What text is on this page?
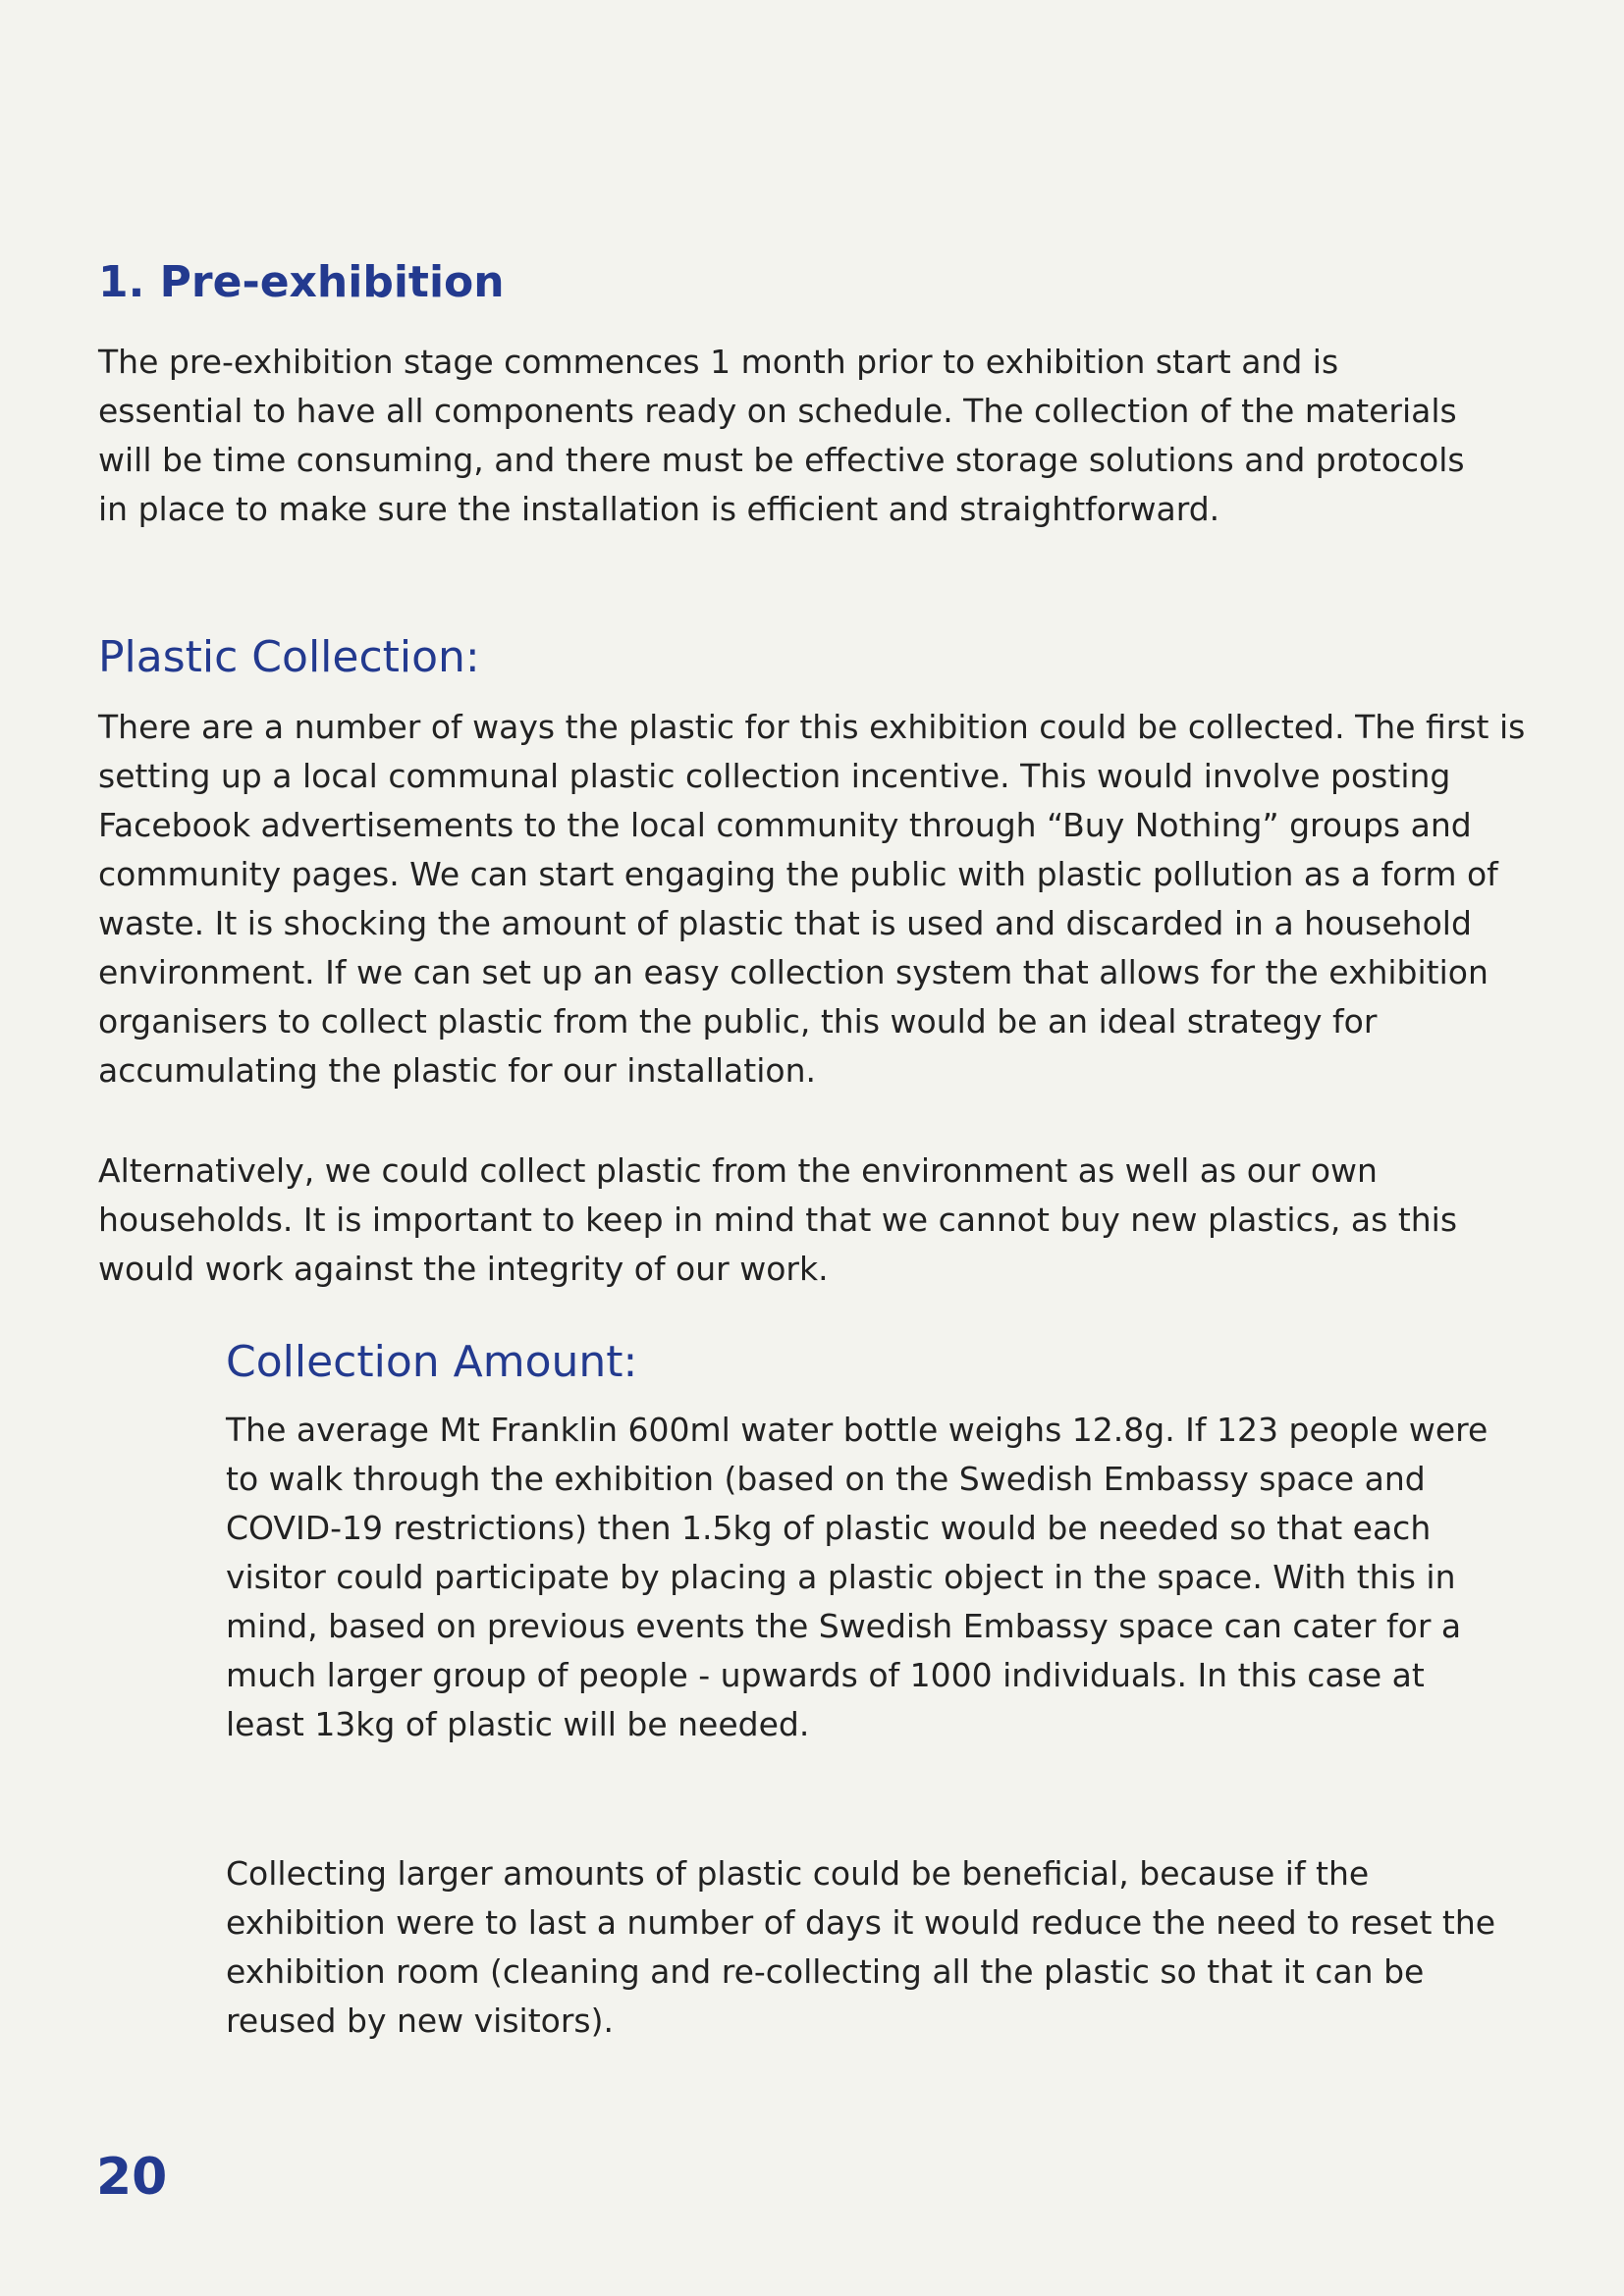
1. Pre-exhibition

The pre-exhibition stage commences 1 month prior to exhibition start and is essential to have all components ready on schedule. The collection of the materials will be time consuming, and there must be effective storage solutions and protocols in place to make sure the installation is efficient and straightforward.

Plastic Collection:

There are a number of ways the plastic for this exhibition could be collected. The first is setting up a local communal plastic collection incentive. This would involve posting Facebook advertisements to the local community through “Buy Nothing” groups and community pages. We can start engaging the public with plastic pollution as a form of waste. It is shocking the amount of plastic that is used and discarded in a household environment. If we can set up an easy collection system that allows for the exhibition organisers to collect plastic from the public, this would be an ideal strategy for accumulating the plastic for our installation.

Alternatively, we could collect plastic from the environment as well as our own households. It is important to keep in mind that we cannot buy new plastics, as this would work against the integrity of our work.

Collection Amount:

The average Mt Franklin 600ml water bottle weighs 12.8g. If 123 people were to walk through the exhibition (based on the Swedish Embassy space and COVID-19 restrictions) then 1.5kg of plastic would be needed so that each visitor could participate by placing a plastic object in the space. With this in mind, based on previous events the Swedish Embassy space can cater for a much larger group of people - upwards of 1000 individuals. In this case at least 13kg of plastic will be needed.

Collecting larger amounts of plastic could be beneficial, because if the exhibition were to last a number of days it would reduce the need to reset the exhibition room (cleaning and re-collecting all the plastic so that it can be reused by new visitors).

20
